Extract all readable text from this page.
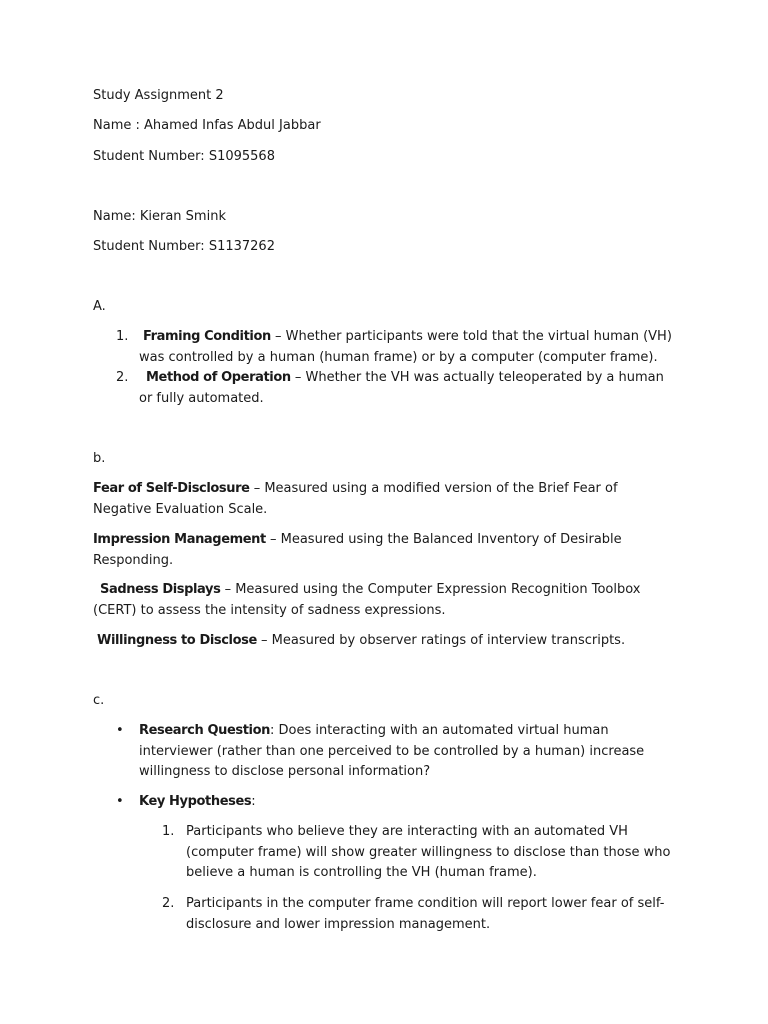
Study Assignment 2

Name : Ahamed Infas Abdul Jabbar

Student Number: S1095568

Name: Kieran Smink

Student Number: S1137262

A.

1.	Framing Condition – Whether participants were told that the virtual human (VH) was controlled by a human (human frame) or by a computer (computer frame).
2.	Method of Operation – Whether the VH was actually teleoperated by a human or fully automated.

b.

Fear of Self-Disclosure – Measured using a modified version of the Brief Fear of Negative Evaluation Scale.

Impression Management – Measured using the Balanced Inventory of Desirable Responding.

Sadness Displays – Measured using the Computer Expression Recognition Toolbox (CERT) to assess the intensity of sadness expressions.

Willingness to Disclose – Measured by observer ratings of interview transcripts.

c.

• Research Question: Does interacting with an automated virtual human interviewer (rather than one perceived to be controlled by a human) increase willingness to disclose personal information?
• Key Hypotheses:
1. Participants who believe they are interacting with an automated VH (computer frame) will show greater willingness to disclose than those who believe a human is controlling the VH (human frame).
2. Participants in the computer frame condition will report lower fear of self-disclosure and lower impression management.
